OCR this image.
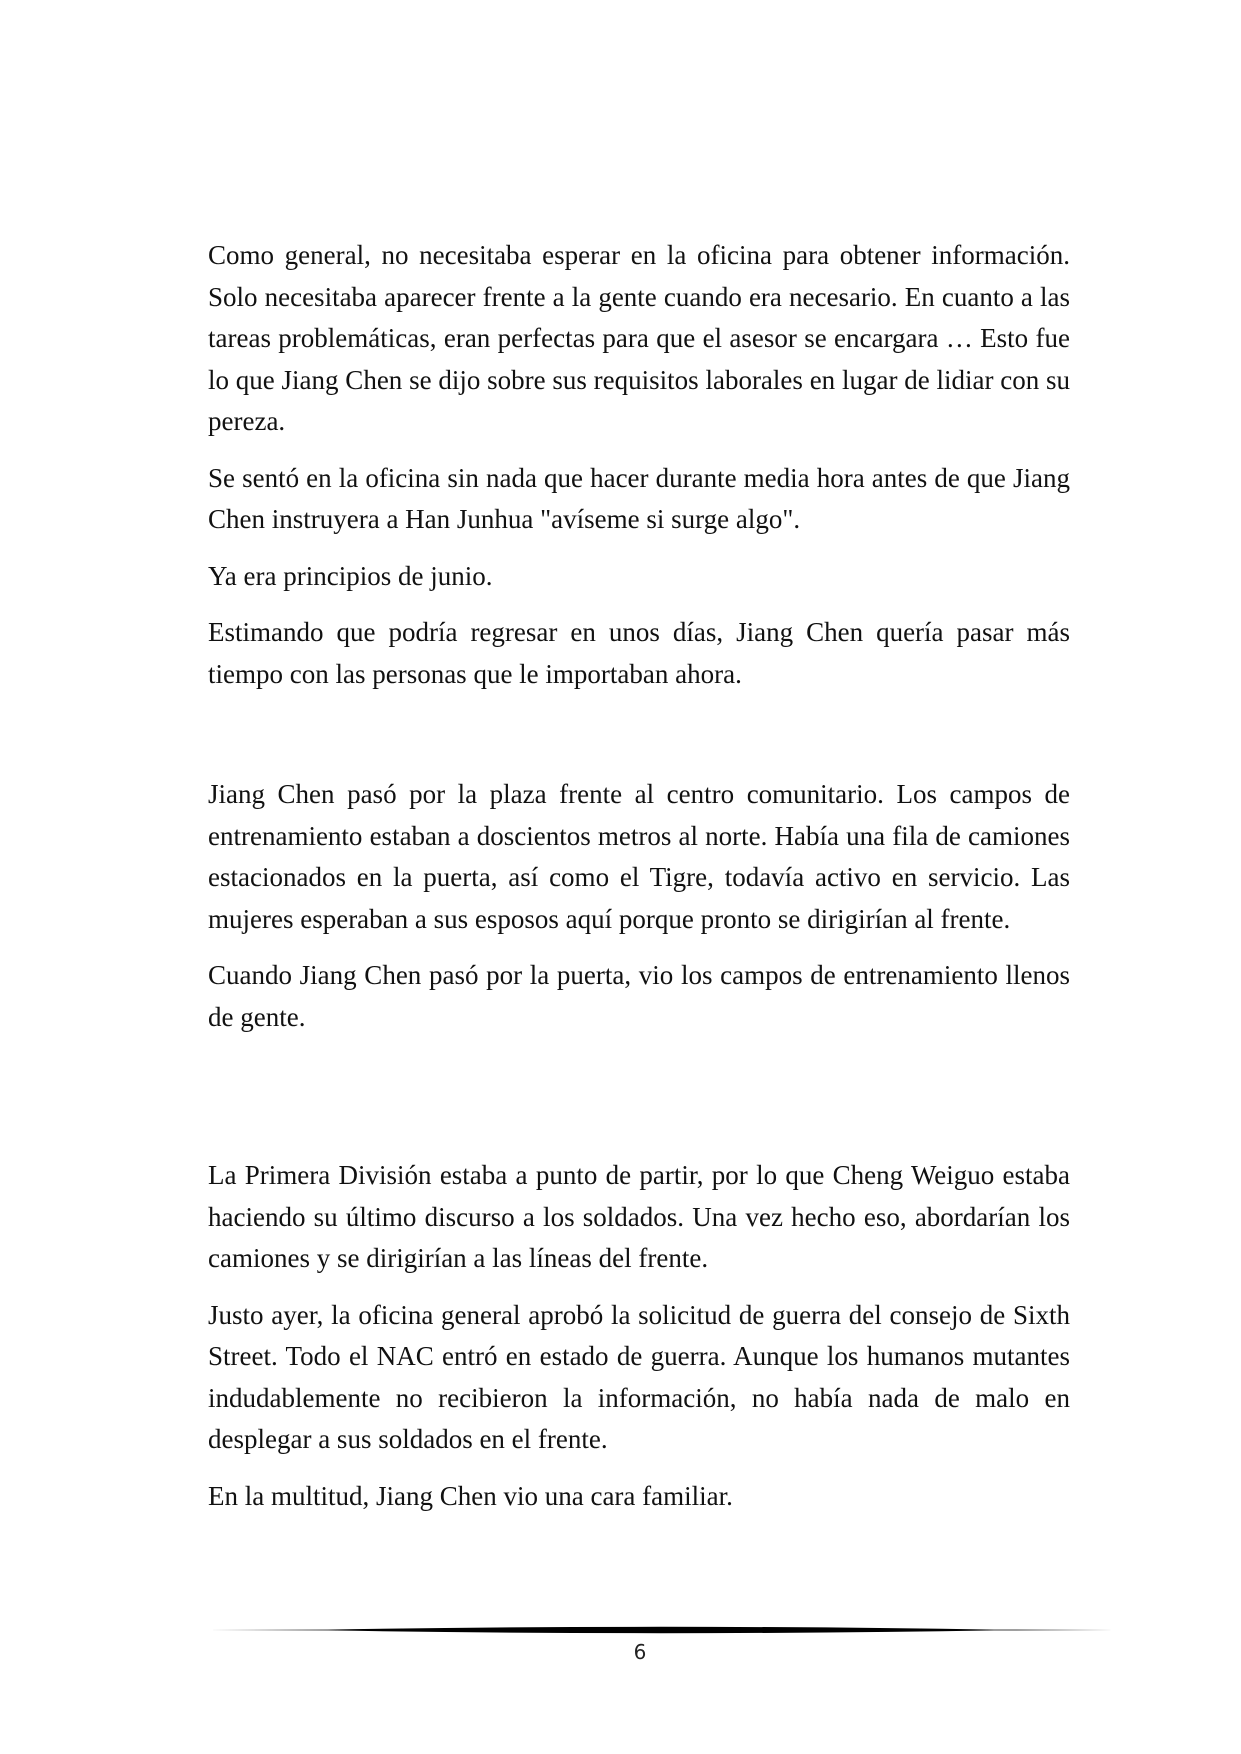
Como general, no necesitaba esperar en la oficina para obtener información. Solo necesitaba aparecer frente a la gente cuando era necesario. En cuanto a las tareas problemáticas, eran perfectas para que el asesor se encargara … Esto fue lo que Jiang Chen se dijo sobre sus requisitos laborales en lugar de lidiar con su pereza.

Se sentó en la oficina sin nada que hacer durante media hora antes de que Jiang Chen instruyera a Han Junhua "avíseme si surge algo".

Ya era principios de junio.

Estimando que podría regresar en unos días, Jiang Chen quería pasar más tiempo con las personas que le importaban ahora.

Jiang Chen pasó por la plaza frente al centro comunitario. Los campos de entrenamiento estaban a doscientos metros al norte. Había una fila de camiones estacionados en la puerta, así como el Tigre, todavía activo en servicio. Las mujeres esperaban a sus esposos aquí porque pronto se dirigirían al frente.

Cuando Jiang Chen pasó por la puerta, vio los campos de entrenamiento llenos de gente.

La Primera División estaba a punto de partir, por lo que Cheng Weiguo estaba haciendo su último discurso a los soldados. Una vez hecho eso, abordarían los camiones y se dirigirían a las líneas del frente.

Justo ayer, la oficina general aprobó la solicitud de guerra del consejo de Sixth Street. Todo el NAC entró en estado de guerra. Aunque los humanos mutantes indudablemente no recibieron la información, no había nada de malo en desplegar a sus soldados en el frente.

En la multitud, Jiang Chen vio una cara familiar.

6
